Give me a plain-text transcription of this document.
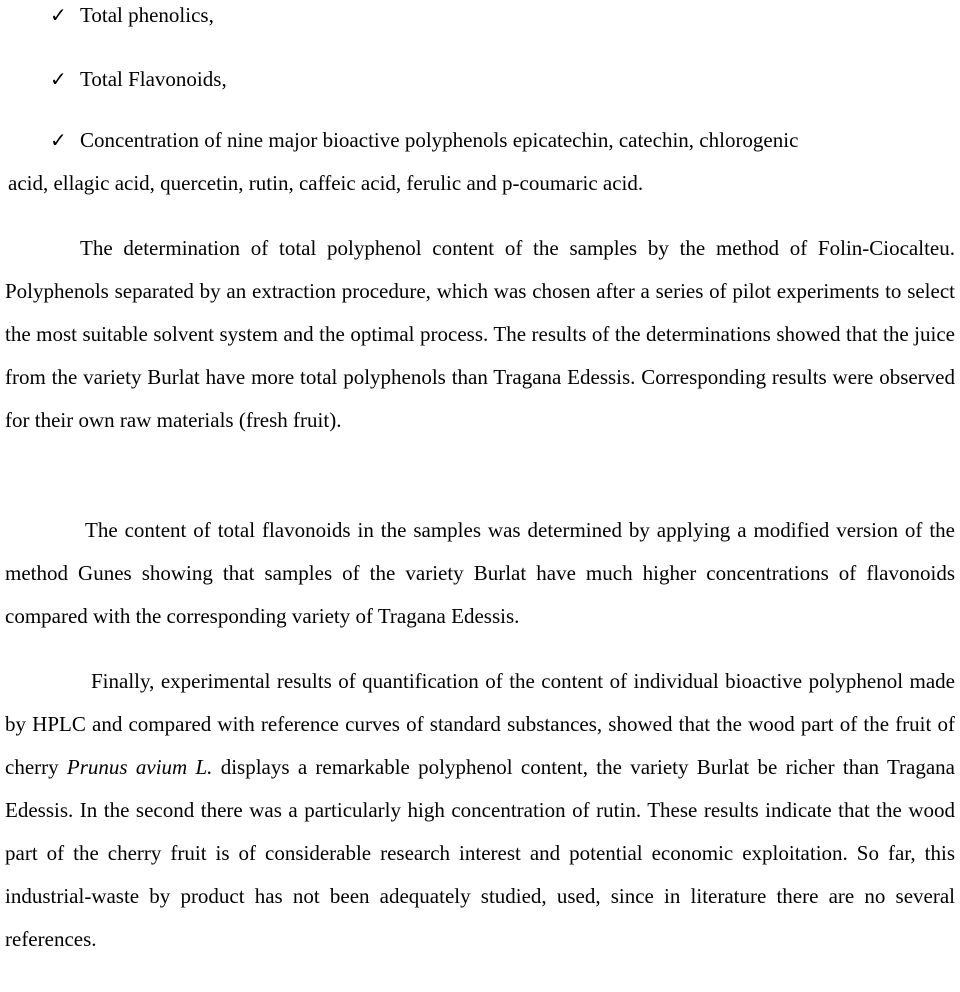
✓ Total phenolics,
✓ Total Flavonoids,
✓ Concentration of nine major bioactive polyphenols epicatechin, catechin, chlorogenic
acid, ellagic acid, quercetin, rutin, caffeic acid, ferulic and p-coumaric acid.

The determination of total polyphenol content of the samples by the method of Folin-Ciocalteu. Polyphenols separated by an extraction procedure, which was chosen after a series of pilot experiments to select the most suitable solvent system and the optimal process. The results of the determinations showed that the juice from the variety Burlat have more total polyphenols than Tragana Edessis. Corresponding results were observed for their own raw materials (fresh fruit).

The content of total flavonoids in the samples was determined by applying a modified version of the method Gunes showing that samples of the variety Burlat have much higher concentrations of flavonoids compared with the corresponding variety of Tragana Edessis.

Finally, experimental results of quantification of the content of individual bioactive polyphenol made by HPLC and compared with reference curves of standard substances, showed that the wood part of the fruit of cherry Prunus avium L. displays a remarkable polyphenol content, the variety Burlat be richer than Tragana Edessis. In the second there was a particularly high concentration of rutin. These results indicate that the wood part of the cherry fruit is of considerable research interest and potential economic exploitation. So far, this industrial-waste by product has not been adequately studied, used, since in literature there are no several references.
